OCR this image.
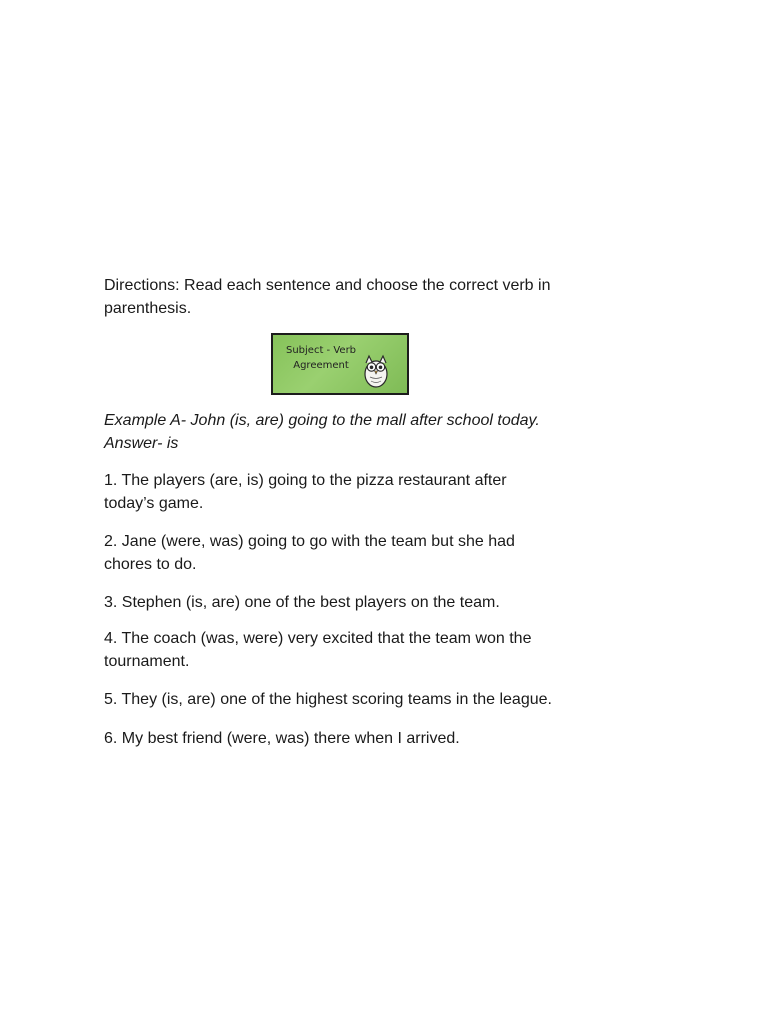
Directions: Read each sentence and choose the correct verb in
parenthesis.
Subject - Verb
Agreement
Example A- John (is, are) going to the mall after school today.
Answer- is
1. The players (are, is) going to the pizza restaurant after
today’s game.
2. Jane (were, was) going to go with the team but she had
chores to do.
3. Stephen (is, are) one of the best players on the team.
4. The coach (was, were) very excited that the team won the
tournament.
5. They (is, are) one of the highest scoring teams in the league.
6. My best friend (were, was) there when I arrived.
